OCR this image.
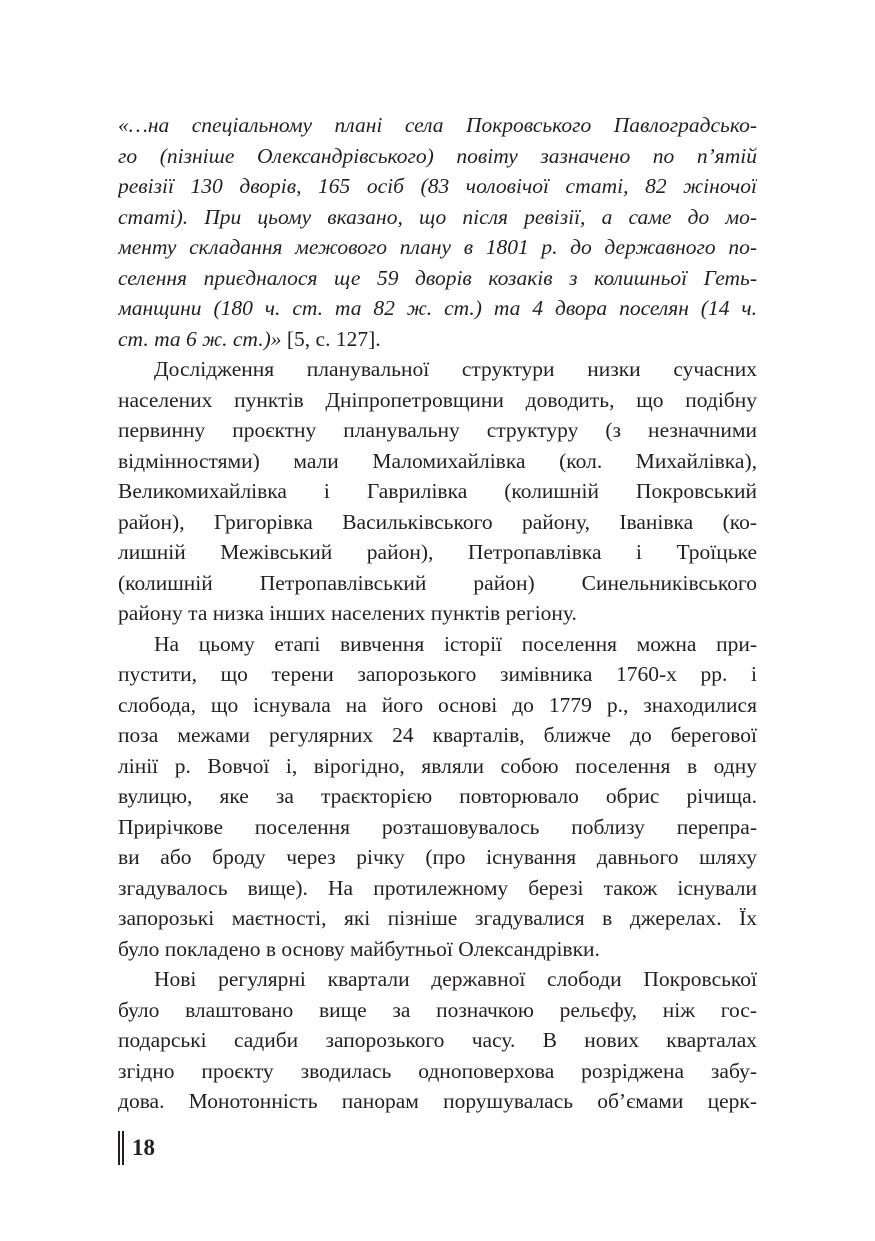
«…на спеціальному плані села Покровського Павлоградсько-
го (пізніше Олександрівського) повіту зазначено по п’ятій
ревізії 130 дворів, 165 осіб (83 чоловічої статі, 82 жіночої
статі). При цьому вказано, що після ревізії, а саме до мо-
менту складання межового плану в 1801 р. до державного по-
селення приєдналося ще 59 дворів козаків з колишньої Геть-
манщини (180 ч. ст. та 82 ж. ст.) та 4 двора поселян (14 ч.
ст. та 6 ж. ст.)» [5, с. 127].
Дослідження планувальної структури низки сучасних
населених пунктів Дніпропетровщини доводить, що подібну
первинну проєктну планувальну структуру (з незначними
відмінностями) мали Маломихайлівка (кол. Михайлівка),
Великомихайлівка і Гаврилівка (колишній Покровський
район), Григорівка Васильківського району, Іванівка (ко-
лишній Межівський район), Петропавлівка і Троїцьке
(колишній Петропавлівський район) Синельниківського
району та низка інших населених пунктів регіону.
На цьому етапі вивчення історії поселення можна при-
пустити, що терени запорозького зимівника 1760-х рр. і
слобода, що існувала на його основі до 1779 р., знаходилися
поза межами регулярних 24 кварталів, ближче до берегової
лінії р. Вовчої і, вірогідно, являли собою поселення в одну
вулицю, яке за траєкторією повторювало обрис річища.
Прирічкове поселення розташовувалось поблизу перепра-
ви або броду через річку (про існування давнього шляху
згадувалось вище). На протилежному березі також існували
запорозькі маєтності, які пізніше згадувалися в джерелах. Їх
було покладено в основу майбутньої Олександрівки.
Нові регулярні квартали державної слободи Покровської
було влаштовано вище за позначкою рельєфу, ніж гос-
подарські садиби запорозького часу. В нових кварталах
згідно проєкту зводилась одноповерхова розріджена забу-
дова. Монотонність панорам порушувалась об’ємами церк-
18
